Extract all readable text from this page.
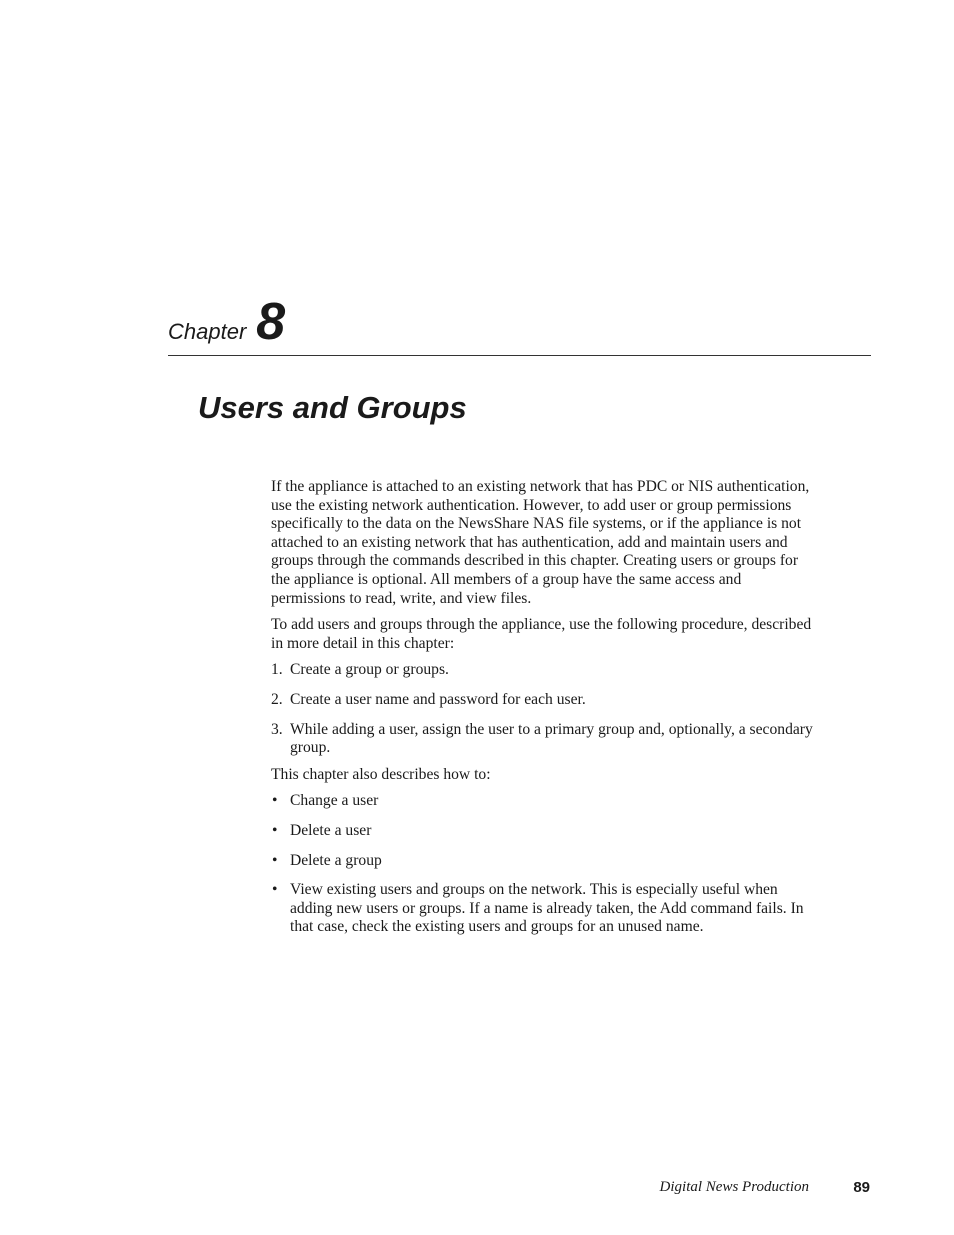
Chapter 8
Users and Groups

If the appliance is attached to an existing network that has PDC or NIS authentication, use the existing network authentication. However, to add user or group permissions specifically to the data on the NewsShare NAS file systems, or if the appliance is not attached to an existing network that has authentication, add and maintain users and groups through the commands described in this chapter. Creating users or groups for the appliance is optional. All members of a group have the same access and permissions to read, write, and view files.

To add users and groups through the appliance, use the following procedure, described in more detail in this chapter:

1. Create a group or groups.
2. Create a user name and password for each user.
3. While adding a user, assign the user to a primary group and, optionally, a secondary group.

This chapter also describes how to:

• Change a user
• Delete a user
• Delete a group
• View existing users and groups on the network. This is especially useful when adding new users or groups. If a name is already taken, the Add command fails. In that case, check the existing users and groups for an unused name.
Digital News Production	89
